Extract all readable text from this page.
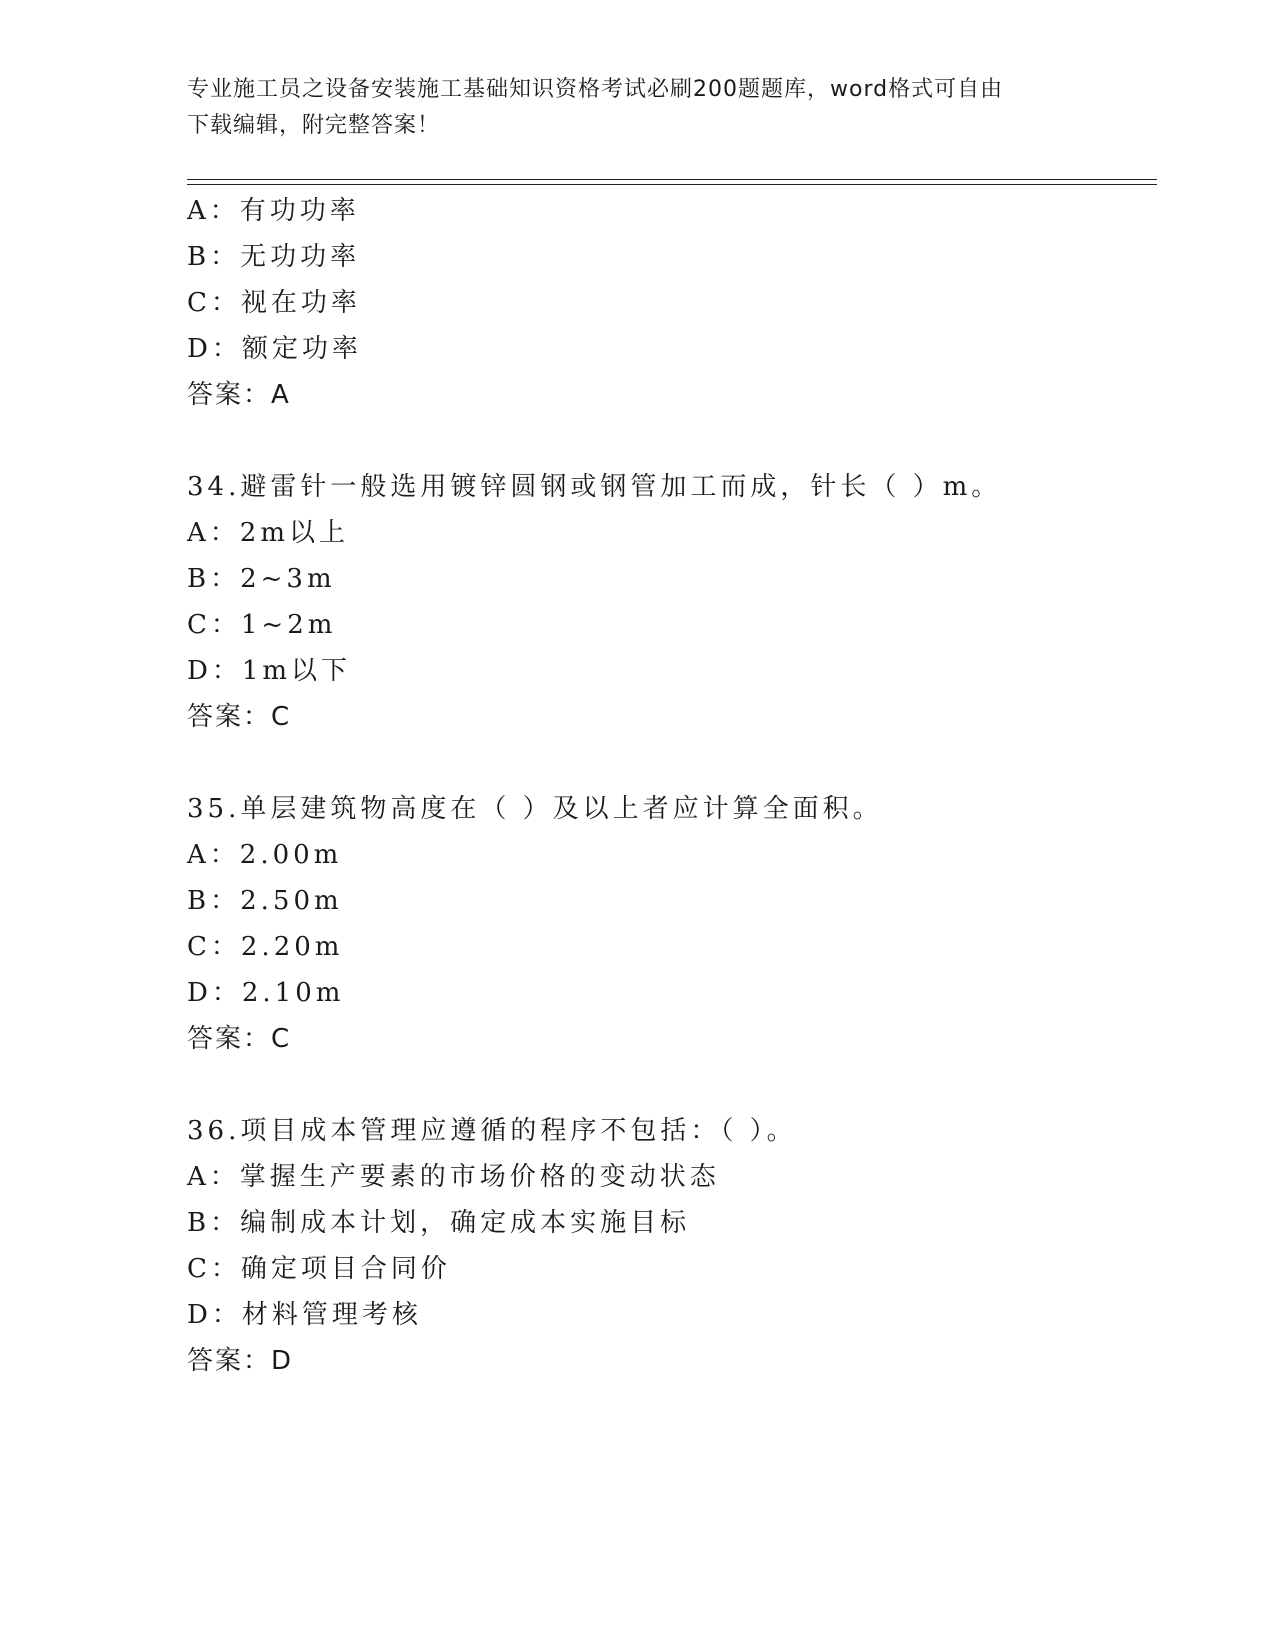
专业施工员之设备安装施工基础知识资格考试必刷200题题库，word格式可自由
下载编辑，附完整答案！
A：有功功率
B：无功功率
C：视在功率
D：额定功率
答案：A
34.避雷针一般选用镀锌圆钢或钢管加工而成，针长（ ）m。
A：2m以上
B：2~3m
C：1~2m
D：1m以下
答案：C
35.单层建筑物高度在（ ）及以上者应计算全面积。
A：2.00m
B：2.50m
C：2.20m
D：2.10m
答案：C
36.项目成本管理应遵循的程序不包括：（ ）。
A：掌握生产要素的市场价格的变动状态
B：编制成本计划，确定成本实施目标
C：确定项目合同价
D：材料管理考核
答案：D
